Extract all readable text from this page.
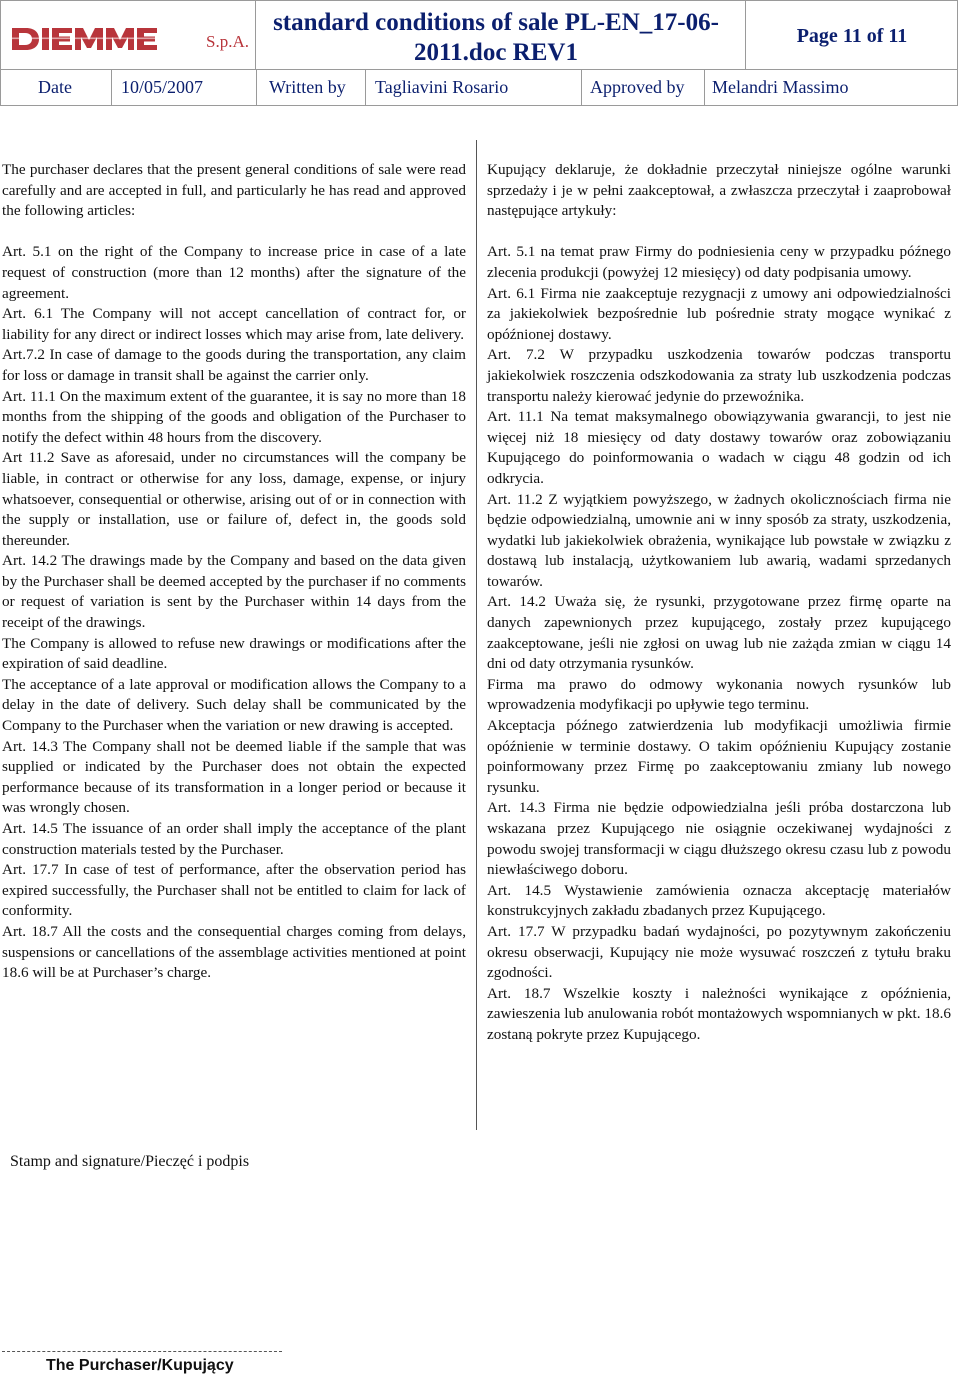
S.p.A.
standard conditions of sale PL-EN_17-06-
2011.doc REV1
Page 11 of 11
Date	10/05/2007	Written by Tagliavini Rosario	Approved by Melandri Massimo

The purchaser declares that the present general conditions of sale were read carefully and are accepted in full, and particularly he has read and approved the following articles:

Art. 5.1 on the right of the Company to increase price in case of a late request of construction (more than 12 months) after the signature of the agreement.

Art. 6.1 The Company will not accept cancellation of contract for, or liability for any direct or indirect losses which may arise from, late delivery.

Art.7.2 In case of damage to the goods during the transportation, any claim for loss or damage in transit shall be against the carrier only.

Art. 11.1 On the maximum extent of the guarantee, it is say no more than 18 months from the shipping of the goods and obligation of the Purchaser to notify the defect within 48 hours from the discovery.

Art 11.2 Save as aforesaid, under no circumstances will the company be liable, in contract or otherwise for any loss, damage, expense, or injury whatsoever, consequential or otherwise, arising out of or in connection with the supply or installation, use or failure of, defect in, the goods sold thereunder.

Art. 14.2 The drawings made by the Company and based on the data given by the Purchaser shall be deemed accepted by the purchaser if no comments or request of variation is sent by the Purchaser within 14 days from the receipt of the drawings.

The Company is allowed to refuse new drawings or modifications after the expiration of said deadline.

The acceptance of a late approval or modification allows the Company to a delay in the date of delivery. Such delay shall be communicated by the Company to the Purchaser when the variation or new drawing is accepted.

Art. 14.3 The Company shall not be deemed liable if the sample that was supplied or indicated by the Purchaser does not obtain the expected performance because of its transformation in a longer period or because it was wrongly chosen.

Art. 14.5 The issuance of an order shall imply the acceptance of the plant construction materials tested by the Purchaser.

Art. 17.7 In case of test of performance, after the observation period has expired successfully, the Purchaser shall not be entitled to claim for lack of conformity.

Art. 18.7 All the costs and the consequential charges coming from delays, suspensions or cancellations of the assemblage activities mentioned at point 18.6 will be at Purchaser’s charge.

Kupujący deklaruje, że dokładnie przeczytał niniejsze ogólne warunki sprzedaży i je w pełni zaakceptował, a zwłaszcza przeczytał i zaaprobował następujące artykuły:

Art. 5.1 na temat praw Firmy do podniesienia ceny w przypadku późnego zlecenia produkcji (powyżej 12 miesięcy) od daty podpisania umowy.

Art. 6.1 Firma nie zaakceptuje rezygnacji z umowy ani odpowiedzialności za jakiekolwiek bezpośrednie lub pośrednie straty mogące wynikać z opóźnionej dostawy.

Art. 7.2 W przypadku uszkodzenia towarów podczas transportu jakiekolwiek roszczenia odszkodowania za straty lub uszkodzenia podczas transportu należy kierować jedynie do przewoźnika.

Art. 11.1 Na temat maksymalnego obowiązywania gwarancji, to jest nie więcej niż 18 miesięcy od daty dostawy towarów oraz zobowiązaniu Kupującego do poinformowania o wadach w ciągu 48 godzin od ich odkrycia.

Art. 11.2 Z wyjątkiem powyższego, w żadnych okolicznościach firma nie będzie odpowiedzialną, umownie ani w inny sposób za straty, uszkodzenia, wydatki lub jakiekolwiek obrażenia, wynikające lub powstałe w związku z dostawą lub instalacją, użytkowaniem lub awarią, wadami sprzedanych towarów.

Art. 14.2 Uważa się, że rysunki, przygotowane przez firmę oparte na danych zapewnionych przez kupującego, zostały przez kupującego zaakceptowane, jeśli nie zgłosi on uwag lub nie zażąda zmian w ciągu 14 dni od daty otrzymania rysunków.

Firma ma prawo do odmowy wykonania nowych rysunków lub wprowadzenia modyfikacji po upływie tego terminu.

Akceptacja późnego zatwierdzenia lub modyfikacji umożliwia firmie opóźnienie w terminie dostawy. O takim opóźnieniu Kupujący zostanie poinformowany przez Firmę po zaakceptowaniu zmiany lub nowego rysunku.

Art. 14.3 Firma nie będzie odpowiedzialna jeśli próba dostarczona lub wskazana przez Kupującego nie osiągnie oczekiwanej wydajności z powodu swojej transformacji w ciągu dłuższego okresu czasu lub z powodu niewłaściwego doboru.

Art. 14.5 Wystawienie zamówienia oznacza akceptację materiałów konstrukcyjnych zakładu zbadanych przez Kupującego.

Art. 17.7 W przypadku badań wydajności, po pozytywnym zakończeniu okresu obserwacji, Kupujący nie może wysuwać roszczeń z tytułu braku zgodności.

Art. 18.7 Wszelkie koszty i należności wynikające z opóźnienia, zawieszenia lub anulowania robót montażowych wspomnianych w pkt. 18.6 zostaną pokryte przez Kupującego.

Stamp and signature/Pieczęć i podpis
The Purchaser/Kupujący
